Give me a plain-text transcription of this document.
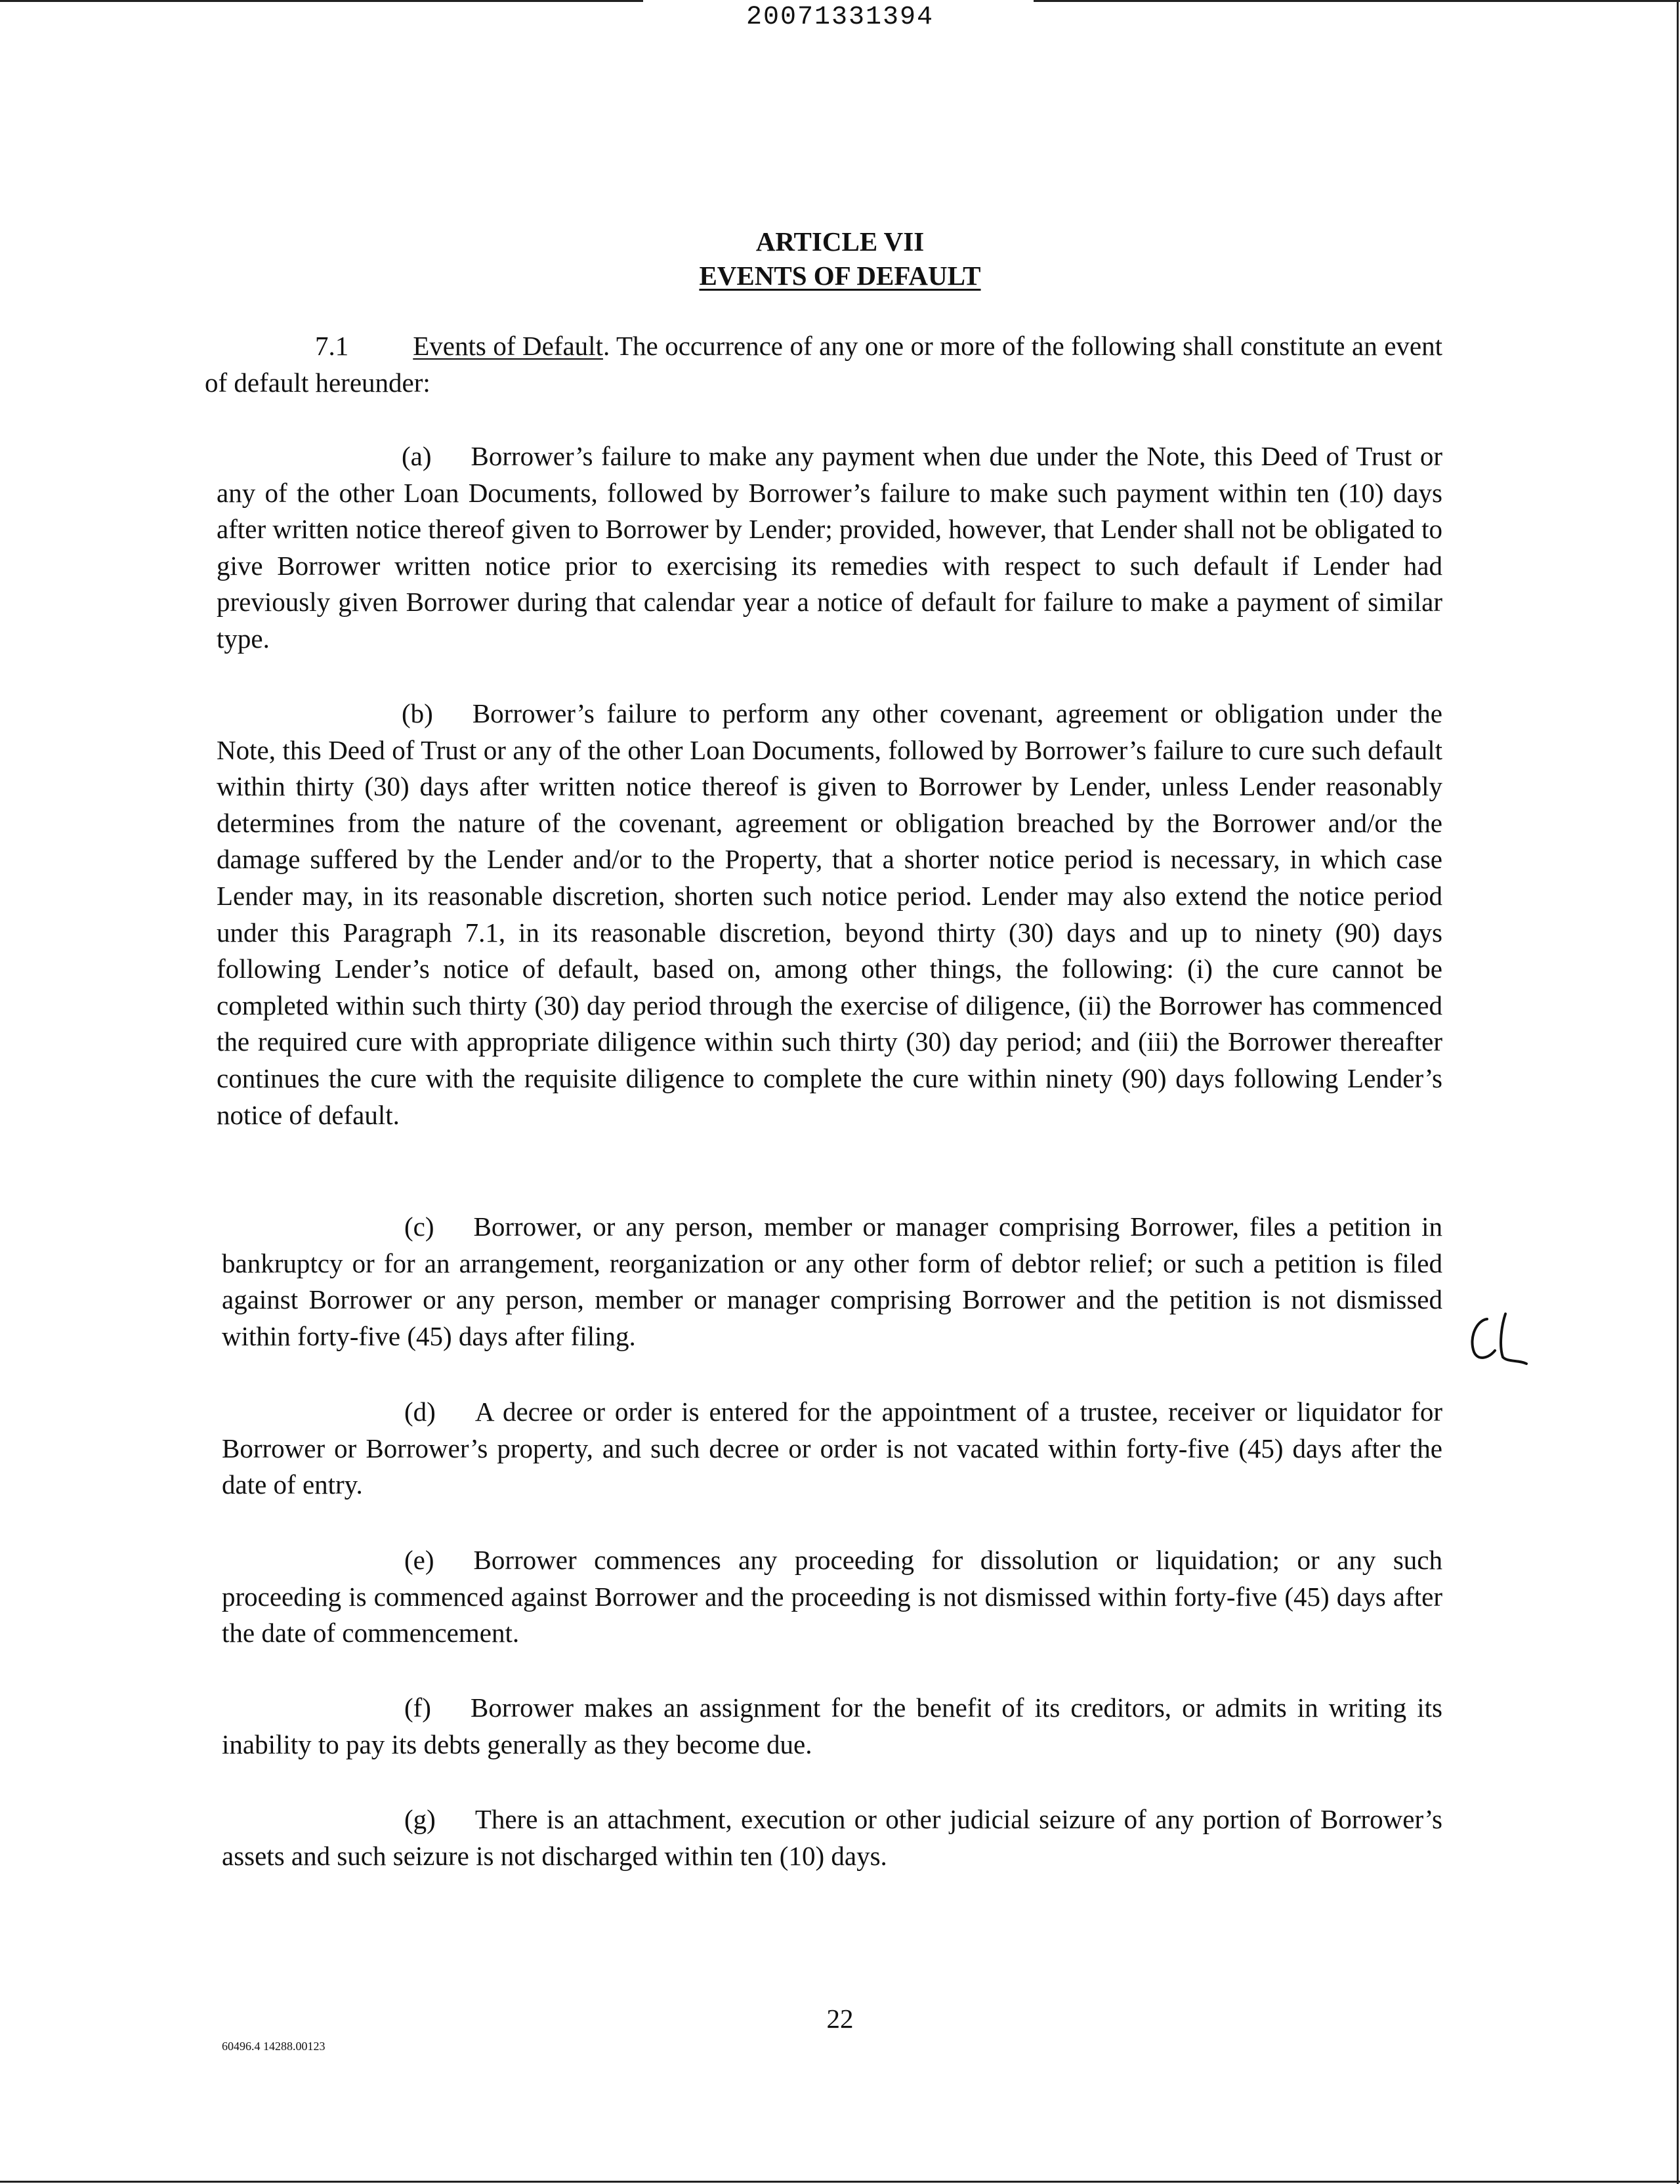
20071331394
ARTICLE VII
EVENTS OF DEFAULT
7.1 Events of Default. The occurrence of any one or more of the following shall constitute an event of default hereunder:
(a) Borrower’s failure to make any payment when due under the Note, this Deed of Trust or any of the other Loan Documents, followed by Borrower’s failure to make such payment within ten (10) days after written notice thereof given to Borrower by Lender; provided, however, that Lender shall not be obligated to give Borrower written notice prior to exercising its remedies with respect to such default if Lender had previously given Borrower during that calendar year a notice of default for failure to make a payment of similar type.
(b) Borrower’s failure to perform any other covenant, agreement or obligation under the Note, this Deed of Trust or any of the other Loan Documents, followed by Borrower’s failure to cure such default within thirty (30) days after written notice thereof is given to Borrower by Lender, unless Lender reasonably determines from the nature of the covenant, agreement or obligation breached by the Borrower and/or the damage suffered by the Lender and/or to the Property, that a shorter notice period is necessary, in which case Lender may, in its reasonable discretion, shorten such notice period. Lender may also extend the notice period under this Paragraph 7.1, in its reasonable discretion, beyond thirty (30) days and up to ninety (90) days following Lender’s notice of default, based on, among other things, the following: (i) the cure cannot be completed within such thirty (30) day period through the exercise of diligence, (ii) the Borrower has commenced the required cure with appropriate diligence within such thirty (30) day period; and (iii) the Borrower thereafter continues the cure with the requisite diligence to complete the cure within ninety (90) days following Lender’s notice of default.
(c) Borrower, or any person, member or manager comprising Borrower, files a petition in bankruptcy or for an arrangement, reorganization or any other form of debtor relief; or such a petition is filed against Borrower or any person, member or manager comprising Borrower and the petition is not dismissed within forty-five (45) days after filing.
(d) A decree or order is entered for the appointment of a trustee, receiver or liquidator for Borrower or Borrower’s property, and such decree or order is not vacated within forty-five (45) days after the date of entry.
(e) Borrower commences any proceeding for dissolution or liquidation; or any such proceeding is commenced against Borrower and the proceeding is not dismissed within forty-five (45) days after the date of commencement.
(f) Borrower makes an assignment for the benefit of its creditors, or admits in writing its inability to pay its debts generally as they become due.
(g) There is an attachment, execution or other judicial seizure of any portion of Borrower’s assets and such seizure is not discharged within ten (10) days.
22
60496.4 14288.00123
